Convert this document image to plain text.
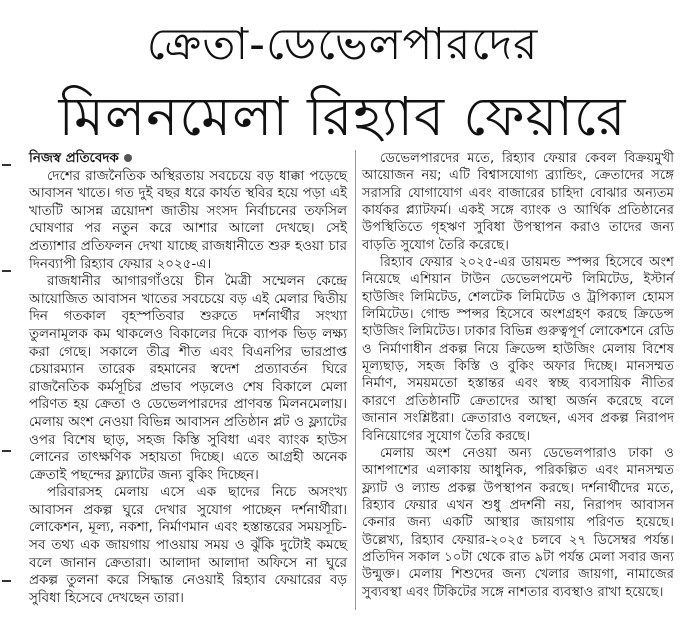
ক্রেতা-ডেভেলপারদের
মিলনমেলা রিহ্যাব ফেয়ারে
নিজস্ব প্রতিবেদক

দেশের রাজনৈতিক অস্থিরতায় সবচেয়ে বড় ধাক্কা পড়েছে আবাসন খাতে। গত দুই বছর ধরে কার্যত স্থবির হয়ে পড়া এই খাতটি আসন্ন ত্রয়োদশ জাতীয় সংসদ নির্বাচনের তফসিল ঘোষণার পর নতুন করে আশার আলো দেখছে। সেই প্রত্যাশার প্রতিফলন দেখা যাচ্ছে রাজধানীতে শুরু হওয়া চার দিনব্যাপী রিহ্যাব ফেয়ার ২০২৫-এ।

রাজধানীর আগারগাঁওয়ে চীন মৈত্রী সম্মেলন কেন্দ্রে আয়োজিত আবাসন খাতের সবচেয়ে বড় এই মেলার দ্বিতীয় দিন গতকাল বৃহস্পতিবার শুরুতে দর্শনার্থীর সংখ্যা তুলনামূলক কম থাকলেও বিকালের দিকে ব্যাপক ভিড় লক্ষ্য করা গেছে। সকালে তীব্র শীত এবং বিএনপির ভারপ্রাপ্ত চেয়ারম্যান তারেক রহমানের স্বদেশ প্রত্যাবর্তন ঘিরে রাজনৈতিক কর্মসূচির প্রভাব পড়লেও শেষ বিকালে মেলা পরিণত হয় ক্রেতা ও ডেভেলপারদের প্রাণবন্ত মিলনমেলায়। মেলায় অংশ নেওয়া বিভিন্ন আবাসন প্রতিষ্ঠান প্লট ও ফ্ল্যাটের ওপর বিশেষ ছাড়, সহজ কিস্তি সুবিধা এবং ব্যাংক হাউস লোনের তাৎক্ষণিক সহায়তা দিচ্ছে। এতে আগ্রহী অনেক ক্রেতাই পছন্দের ফ্ল্যাটের জন্য বুকিং দিচ্ছেন।

পরিবারসহ মেলায় এসে এক ছাদের নিচে অসংখ্য আবাসন প্রকল্প ঘুরে দেখার সুযোগ পাচ্ছেন দর্শনার্থীরা। লোকেশন, মূল্য, নকশা, নির্মাণমান এবং হস্তান্তরের সময়সূচি- সব তথ্য এক জায়গায় পাওয়ায় সময় ও ঝুঁকি দুটোই কমছে বলে জানান ক্রেতারা। আলাদা আলাদা অফিসে না ঘুরে প্রকল্প তুলনা করে সিদ্ধান্ত নেওয়াই রিহ্যাব ফেয়ারের বড় সুবিধা হিসেবে দেখছেন তারা।

ডেভেলপারদের মতে, রিহ্যাব ফেয়ার কেবল বিক্রয়মুখী আয়োজন নয়; এটি বিশ্বাসযোগ্য ব্র্যান্ডিং, ক্রেতাদের সঙ্গে সরাসরি যোগাযোগ এবং বাজারের চাহিদা বোঝার অন্যতম কার্যকর প্ল্যাটফর্ম। একই সঙ্গে ব্যাংক ও আর্থিক প্রতিষ্ঠানের উপস্থিতিতে গৃহঋণ সুবিধা উপস্থাপন করাও তাদের জন্য বাড়তি সুযোগ তৈরি করেছে।

রিহ্যাব ফেয়ার ২০২৫-এর ডায়মন্ড স্পন্সর হিসেবে অংশ নিয়েছে এশিয়ান টাউন ডেভেলপমেন্ট লিমিটেড, ইস্টার্ন হাউজিং লিমিটেড, শেলটেক লিমিটেড ও ট্রপিক্যাল হোমস লিমিটেড। গোল্ড স্পন্সর হিসেবে অংশগ্রহণ করছে ক্রিডেন্স হাউজিং লিমিটেড। ঢাকার বিভিন্ন গুরুত্বপূর্ণ লোকেশনে রেডি ও নির্মাণাধীন প্রকল্প নিয়ে ক্রিডেন্স হাউজিং মেলায় বিশেষ মূল্যছাড়, সহজ কিস্তি ও বুকিং অফার দিচ্ছে। মানসম্মত নির্মাণ, সময়মতো হস্তান্তর এবং স্বচ্ছ ব্যবসায়িক নীতির কারণে প্রতিষ্ঠানটি ক্রেতাদের আস্থা অর্জন করেছে বলে জানান সংশ্লিষ্টরা। ক্রেতারাও বলছেন, এসব প্রকল্প নিরাপদ বিনিয়োগের সুযোগ তৈরি করছে।

মেলায় অংশ নেওয়া অন্য ডেভেলপারাও ঢাকা ও আশপাশের এলাকায় আধুনিক, পরিকল্পিত এবং মানসম্মত ফ্ল্যাট ও ল্যান্ড প্রকল্প উপস্থাপন করছে। দর্শনার্থীদের মতে, রিহ্যাব ফেয়ার এখন শুধু প্রদর্শনী নয়, নিরাপদ আবাসন কেনার জন্য একটি আস্থার জায়গায় পরিণত হয়েছে। উল্লেখ্য, রিহ্যাব ফেয়ার-২০২৫ চলবে ২৭ ডিসেম্বর পর্যন্ত। প্রতিদিন সকাল ১০টা থেকে রাত ৯টা পর্যন্ত মেলা সবার জন্য উন্মুক্ত। মেলায় শিশুদের জন্য খেলার জায়গা, নামাজের সুব্যবস্থা এবং টিকিটের সঙ্গে নাশতার ব্যবস্থাও রাখা হয়েছে।
